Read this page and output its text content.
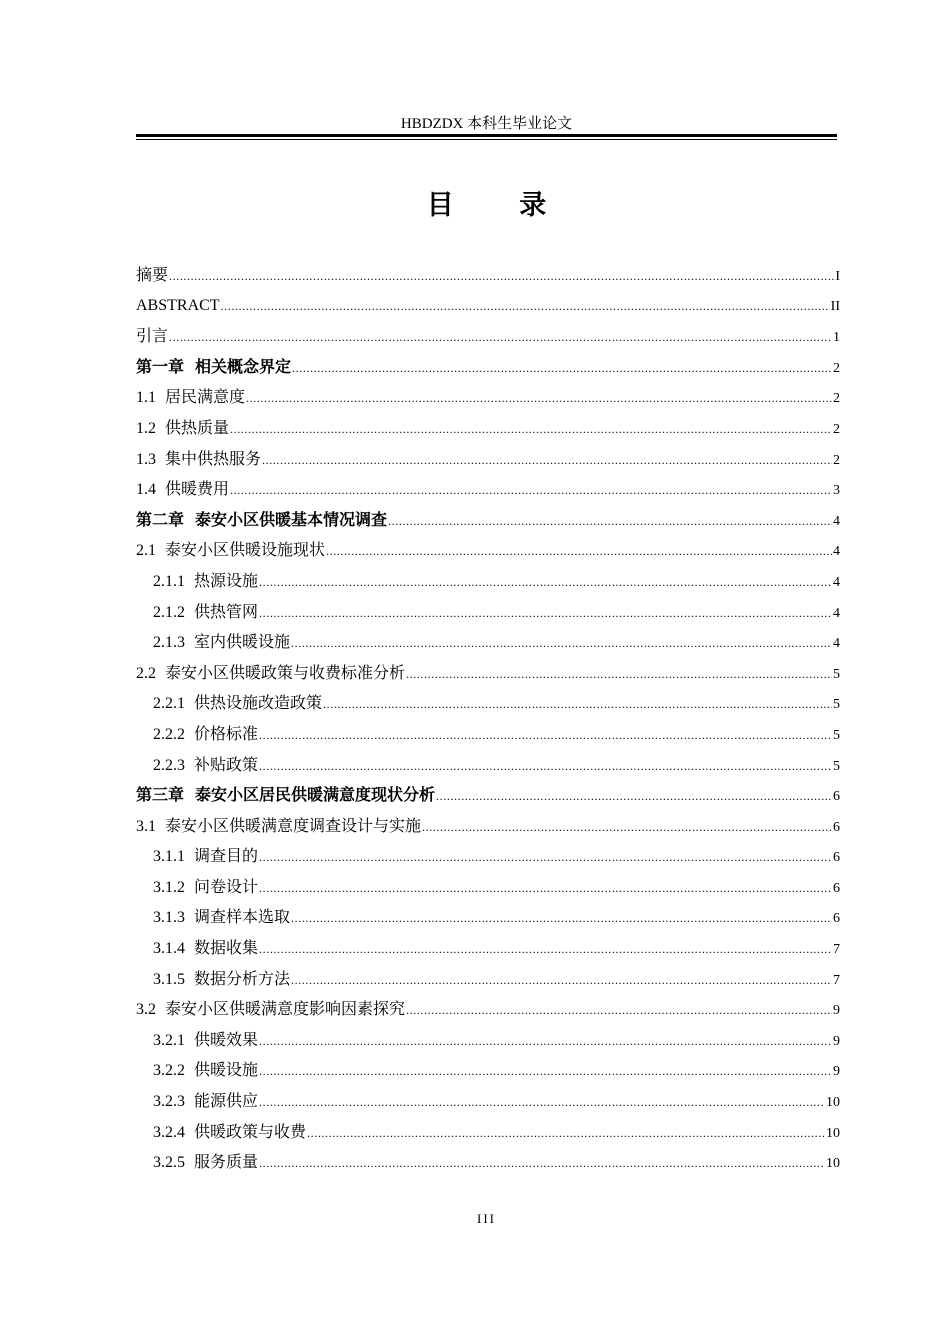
HBDZDX 本科生毕业论文
目 录
摘要 .....	I
ABSTRACT .....	II
引言 .....	1
第一章 相关概念界定 .....	2
1.1 居民满意度 .....	2
1.2 供热质量 .....	2
1.3 集中供热服务 .....	2
1.4 供暖费用 .....	3
第二章 泰安小区供暖基本情况调查 .....	4
2.1 泰安小区供暖设施现状 .....	4
2.1.1 热源设施 .....	4
2.1.2 供热管网 .....	4
2.1.3 室内供暖设施 .....	4
2.2 泰安小区供暖政策与收费标准分析 .....	5
2.2.1 供热设施改造政策 .....	5
2.2.2 价格标准 .....	5
2.2.3 补贴政策 .....	5
第三章 泰安小区居民供暖满意度现状分析 .....	6
3.1 泰安小区供暖满意度调查设计与实施 .....	6
3.1.1 调查目的 .....	6
3.1.2 问卷设计 .....	6
3.1.3 调查样本选取 .....	6
3.1.4 数据收集 .....	7
3.1.5 数据分析方法 .....	7
3.2 泰安小区供暖满意度影响因素探究 .....	9
3.2.1 供暖效果 .....	9
3.2.2 供暖设施 .....	9
3.2.3 能源供应 .....	10
3.2.4 供暖政策与收费 .....	10
3.2.5 服务质量 .....	10
III
